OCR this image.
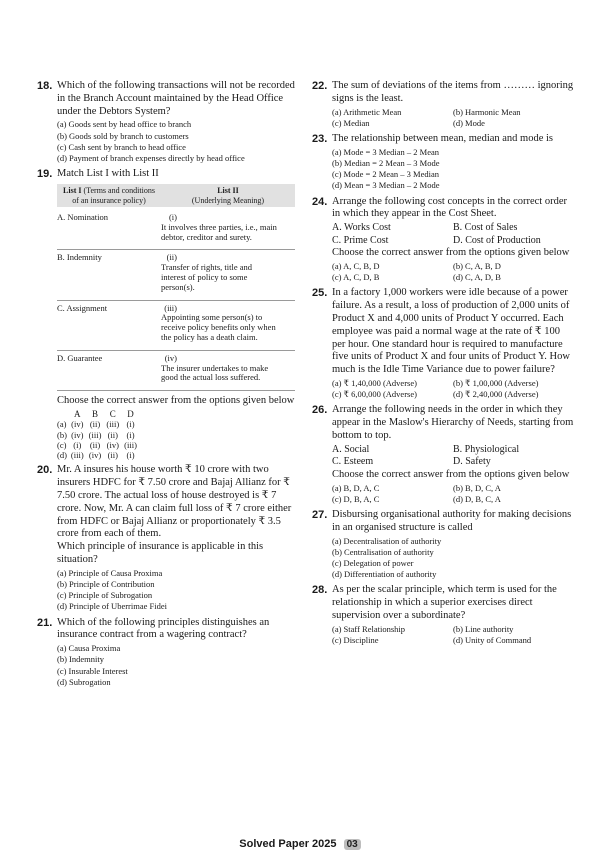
18. Which of the following transactions will not be recorded in the Branch Account maintained by the Head Office under the Debtors System?
(a) Goods sent by head office to branch
(b) Goods sold by branch to customers
(c) Cash sent by branch to head office
(d) Payment of branch expenses directly by head office
19. Match List I with List II
List I (Terms and conditions of an insurance policy)	List II
(Underlying Meaning)
A. Nomination	(i)It involves three parties, i.e., main debtor, creditor and surety.

B. Indemnity	(ii)Transfer of rights, title and interest of policy to some person(s).

C. Assignment	(iii)Appointing some person(s) to receive policy benefits only when the policy has a death claim.

D. Guarantee	(iv)The insurer undertakes to make good the actual loss suffered.

Choose the correct answer from the options given below
	A	B	C	D
(a)	(iv)	(ii)	(iii)	(i)
(b)	(iv)	(iii)	(ii)	(i)
(c)	(i)	(ii)	(iv)	(iii)
(d)	(iii)	(iv)	(ii)	(i)
20. Mr. A insures his house worth ₹ 10 crore with two insurers HDFC for ₹ 7.50 crore and Bajaj Allianz for ₹ 7.50 crore. The actual loss of house destroyed is ₹ 7 crore. Now, Mr. A can claim full loss of ₹ 7 crore either from HDFC or Bajaj Allianz or proportionately ₹ 3.5 crore from each of them.
Which principle of insurance is applicable in this situation?
(a) Principle of Causa Proxima
(b) Principle of Contribution
(c) Principle of Subrogation
(d) Principle of Uberrimae Fidei
21. Which of the following principles distinguishes an insurance contract from a wagering contract?
(a) Causa Proxima
(b) Indemnity
(c) Insurable Interest
(d) Subrogation
22. The sum of deviations of the items from ……… ignoring signs is the least.
(a) Arithmetic Mean	(b) Harmonic Mean
(c) Median	(d) Mode
23. The relationship between mean, median and mode is
(a) Mode = 3 Median – 2 Mean
(b) Median = 2 Mean – 3 Mode
(c) Mode = 2 Mean – 3 Median
(d) Mean = 3 Median – 2 Mode
24. Arrange the following cost concepts in the correct order in which they appear in the Cost Sheet.
A. Works Cost	B. Cost of Sales
C. Prime Cost	D. Cost of Production
Choose the correct answer from the options given below
(a) A, C, B, D	(b) C, A, B, D
(c) A, C, D, B	(d) C, A, D, B
25. In a factory 1,000 workers were idle because of a power failure. As a result, a loss of production of 2,000 units of Product X and 4,000 units of Product Y occurred. Each employee was paid a normal wage at the rate of ₹ 100 per hour. One standard hour is required to manufacture five units of Product X and four units of Product Y. How much is the Idle Time Variance due to power failure?
(a) ₹ 1,40,000 (Adverse)	(b) ₹ 1,00,000 (Adverse)
(c) ₹ 6,00,000 (Adverse)	(d) ₹ 2,40,000 (Adverse)
26. Arrange the following needs in the order in which they appear in the Maslow's Hierarchy of Needs, starting from bottom to top.
A. Social	B. Physiological
C. Esteem	D. Safety
Choose the correct answer from the options given below
(a) B, D, A, C	(b) B, D, C, A
(c) D, B, A, C	(d) D, B, C, A
27. Disbursing organisational authority for making decisions in an organised structure is called
(a) Decentralisation of authority
(b) Centralisation of authority
(c) Delegation of power
(d) Differentiation of authority
28. As per the scalar principle, which term is used for the relationship in which a superior exercises direct supervision over a subordinate?
(a) Staff Relationship	(b) Line authority
(c) Discipline	(d) Unity of Command
Solved Paper 2025 03
